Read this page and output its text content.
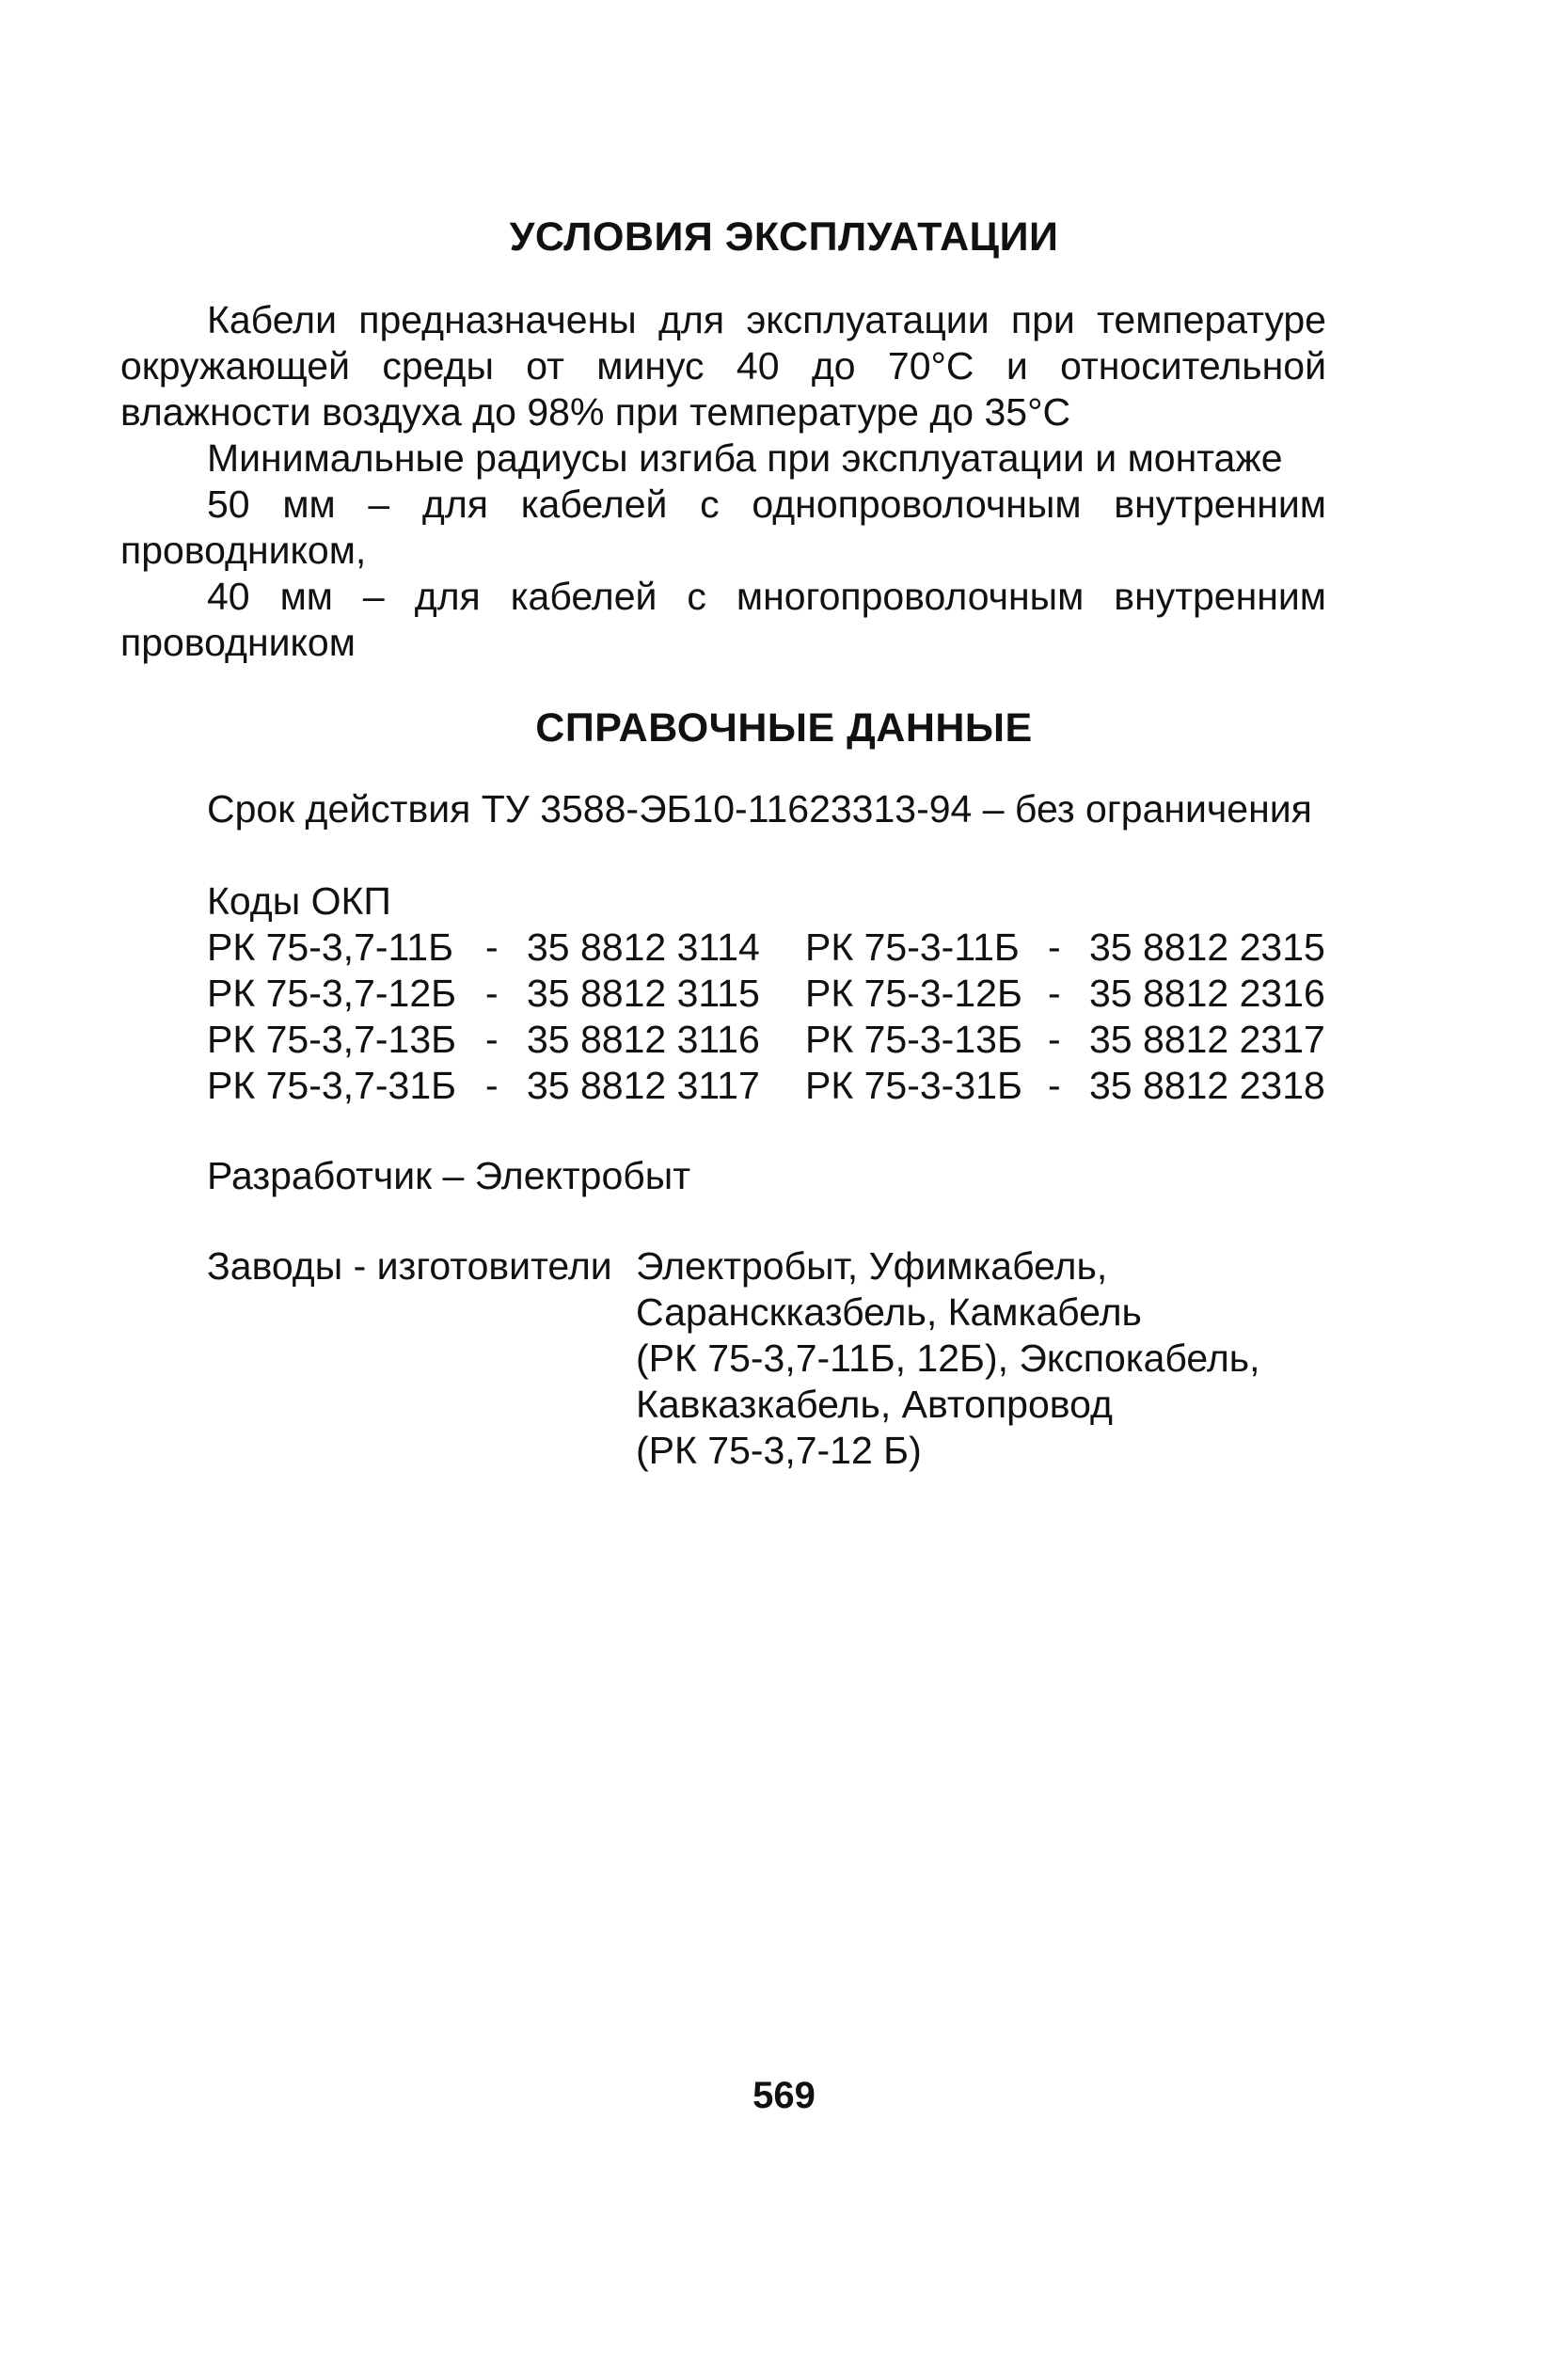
УСЛОВИЯ ЭКСПЛУАТАЦИИ

Кабели предназначены для эксплуатации при температуре окружающей среды от минус 40 до 70°С и относительной влажности воздуха до 98% при температуре до 35°С

Минимальные радиусы изгиба при эксплуатации и монтаже

50 мм – для кабелей с однопроволочным внутренним проводником,

40 мм – для кабелей с многопроволочным внутренним проводником

СПРАВОЧНЫЕ ДАННЫЕ

Срок действия ТУ 3588-ЭБ10-11623313-94 – без ограничения

Коды ОКП
РК 75-3,7-11Б - 35 8812 3114 РК 75-3-11Б - 35 8812 2315
РК 75-3,7-12Б - 35 8812 3115 РК 75-3-12Б - 35 8812 2316
РК 75-3,7-13Б - 35 8812 3116 РК 75-3-13Б - 35 8812 2317
РК 75-3,7-31Б - 35 8812 3117 РК 75-3-31Б - 35 8812 2318
Разработчик – Электробыт
Заводы - изготовители Электробыт, Уфимкабель,
Саранскказбель, Камкабель
(РК 75-3,7-11Б, 12Б), Экспокабель,
Кавказкабель, Автопровод
(РК 75-3,7-12 Б)
569
